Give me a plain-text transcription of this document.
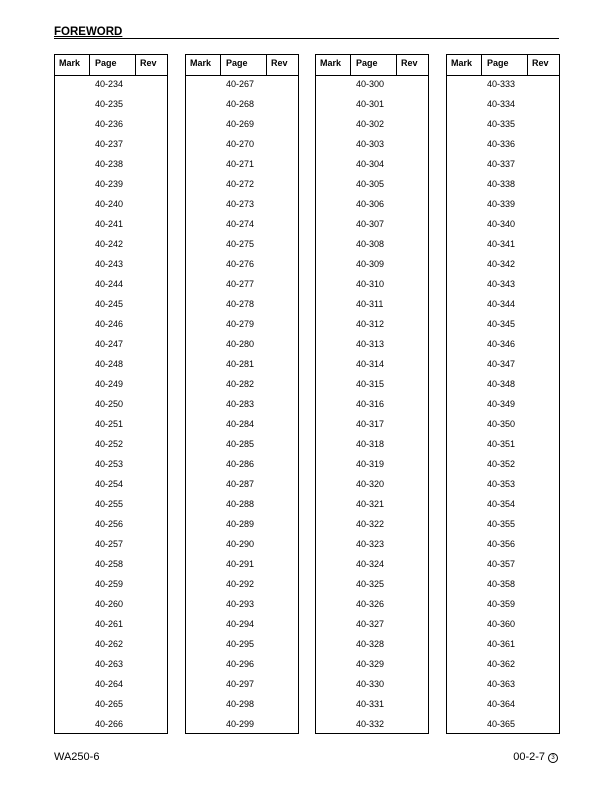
FOREWORD
Mark	Page	Rev
40-234
40-235
40-236
40-237
40-238
40-239
40-240
40-241
40-242
40-243
40-244
40-245
40-246
40-247
40-248
40-249
40-250
40-251
40-252
40-253
40-254
40-255
40-256
40-257
40-258
40-259
40-260
40-261
40-262
40-263
40-264
40-265
40-266
Mark	Page	Rev
40-267
40-268
40-269
40-270
40-271
40-272
40-273
40-274
40-275
40-276
40-277
40-278
40-279
40-280
40-281
40-282
40-283
40-284
40-285
40-286
40-287
40-288
40-289
40-290
40-291
40-292
40-293
40-294
40-295
40-296
40-297
40-298
40-299
Mark	Page	Rev
40-300
40-301
40-302
40-303
40-304
40-305
40-306
40-307
40-308
40-309
40-310
40-311
40-312
40-313
40-314
40-315
40-316
40-317
40-318
40-319
40-320
40-321
40-322
40-323
40-324
40-325
40-326
40-327
40-328
40-329
40-330
40-331
40-332
Mark	Page	Rev
40-333
40-334
40-335
40-336
40-337
40-338
40-339
40-340
40-341
40-342
40-343
40-344
40-345
40-346
40-347
40-348
40-349
40-350
40-351
40-352
40-353
40-354
40-355
40-356
40-357
40-358
40-359
40-360
40-361
40-362
40-363
40-364
40-365
WA250-6	00-2-7 3
